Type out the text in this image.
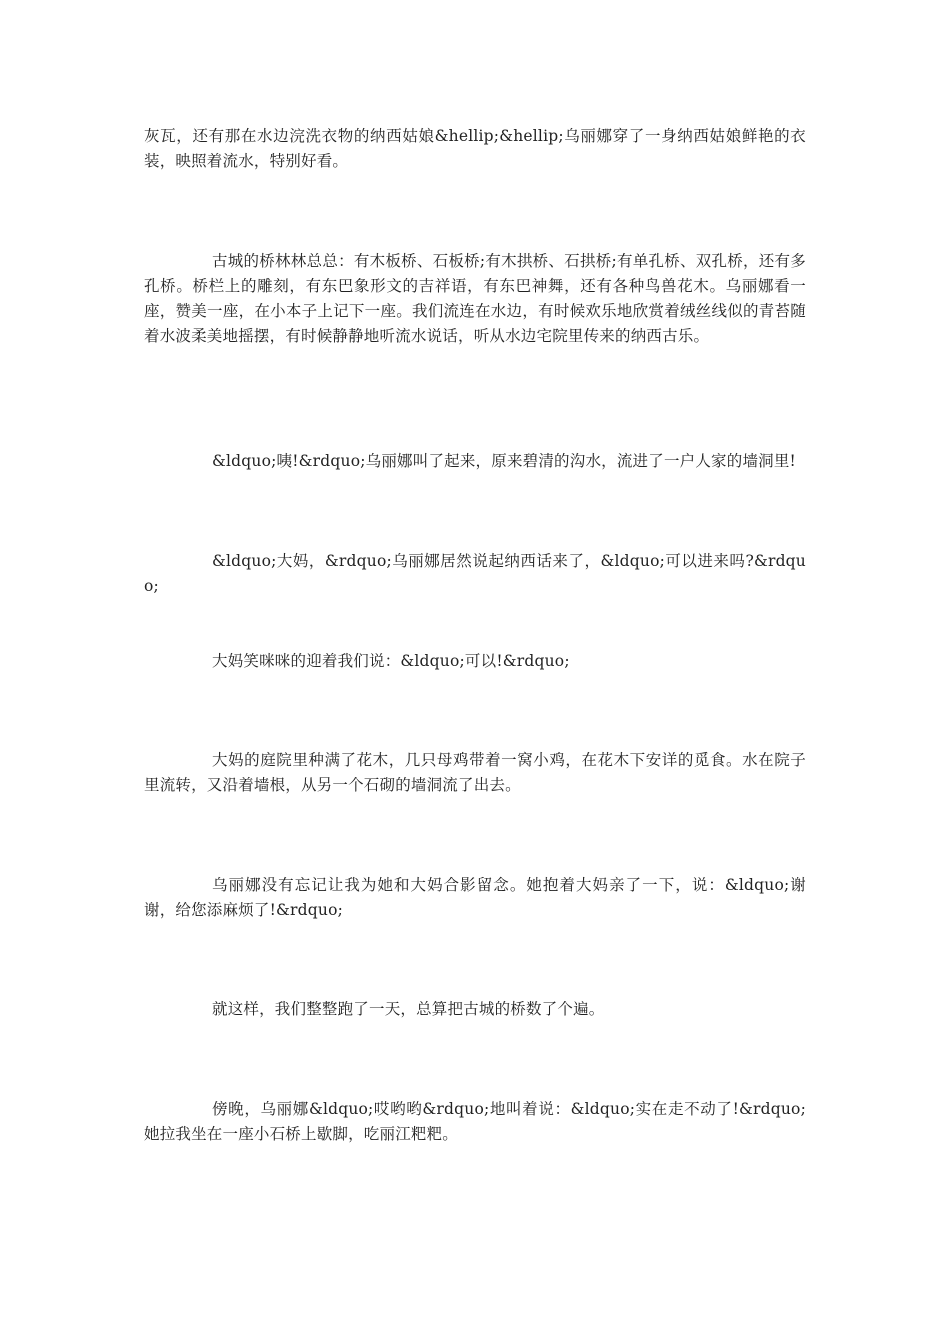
灰瓦，还有那在水边浣洗衣物的纳西姑娘&hellip;&hellip;乌丽娜穿了一身纳西姑娘鲜艳的衣装，映照着流水，特别好看。

古城的桥林林总总：有木板桥、石板桥;有木拱桥、石拱桥;有单孔桥、双孔桥，还有多孔桥。桥栏上的雕刻，有东巴象形文的吉祥语，有东巴神舞，还有各种鸟兽花木。乌丽娜看一座，赞美一座，在小本子上记下一座。我们流连在水边，有时候欢乐地欣赏着绒丝线似的青苔随着水波柔美地摇摆，有时候静静地听流水说话，听从水边宅院里传来的纳西古乐。

&ldquo;咦!&rdquo;乌丽娜叫了起来，原来碧清的沟水，流进了一户人家的墙洞里!

&ldquo;大妈，&rdquo;乌丽娜居然说起纳西话来了，&ldquo;可以进来吗?&rdquo;

大妈笑咪咪的迎着我们说：&ldquo;可以!&rdquo;

大妈的庭院里种满了花木，几只母鸡带着一窝小鸡，在花木下安详的觅食。水在院子里流转，又沿着墙根，从另一个石砌的墙洞流了出去。

乌丽娜没有忘记让我为她和大妈合影留念。她抱着大妈亲了一下，说：&ldquo;谢谢，给您添麻烦了!&rdquo;

就这样，我们整整跑了一天，总算把古城的桥数了个遍。

傍晚，乌丽娜&ldquo;哎哟哟&rdquo;地叫着说：&ldquo;实在走不动了!&rdquo;她拉我坐在一座小石桥上歇脚，吃丽江粑粑。
